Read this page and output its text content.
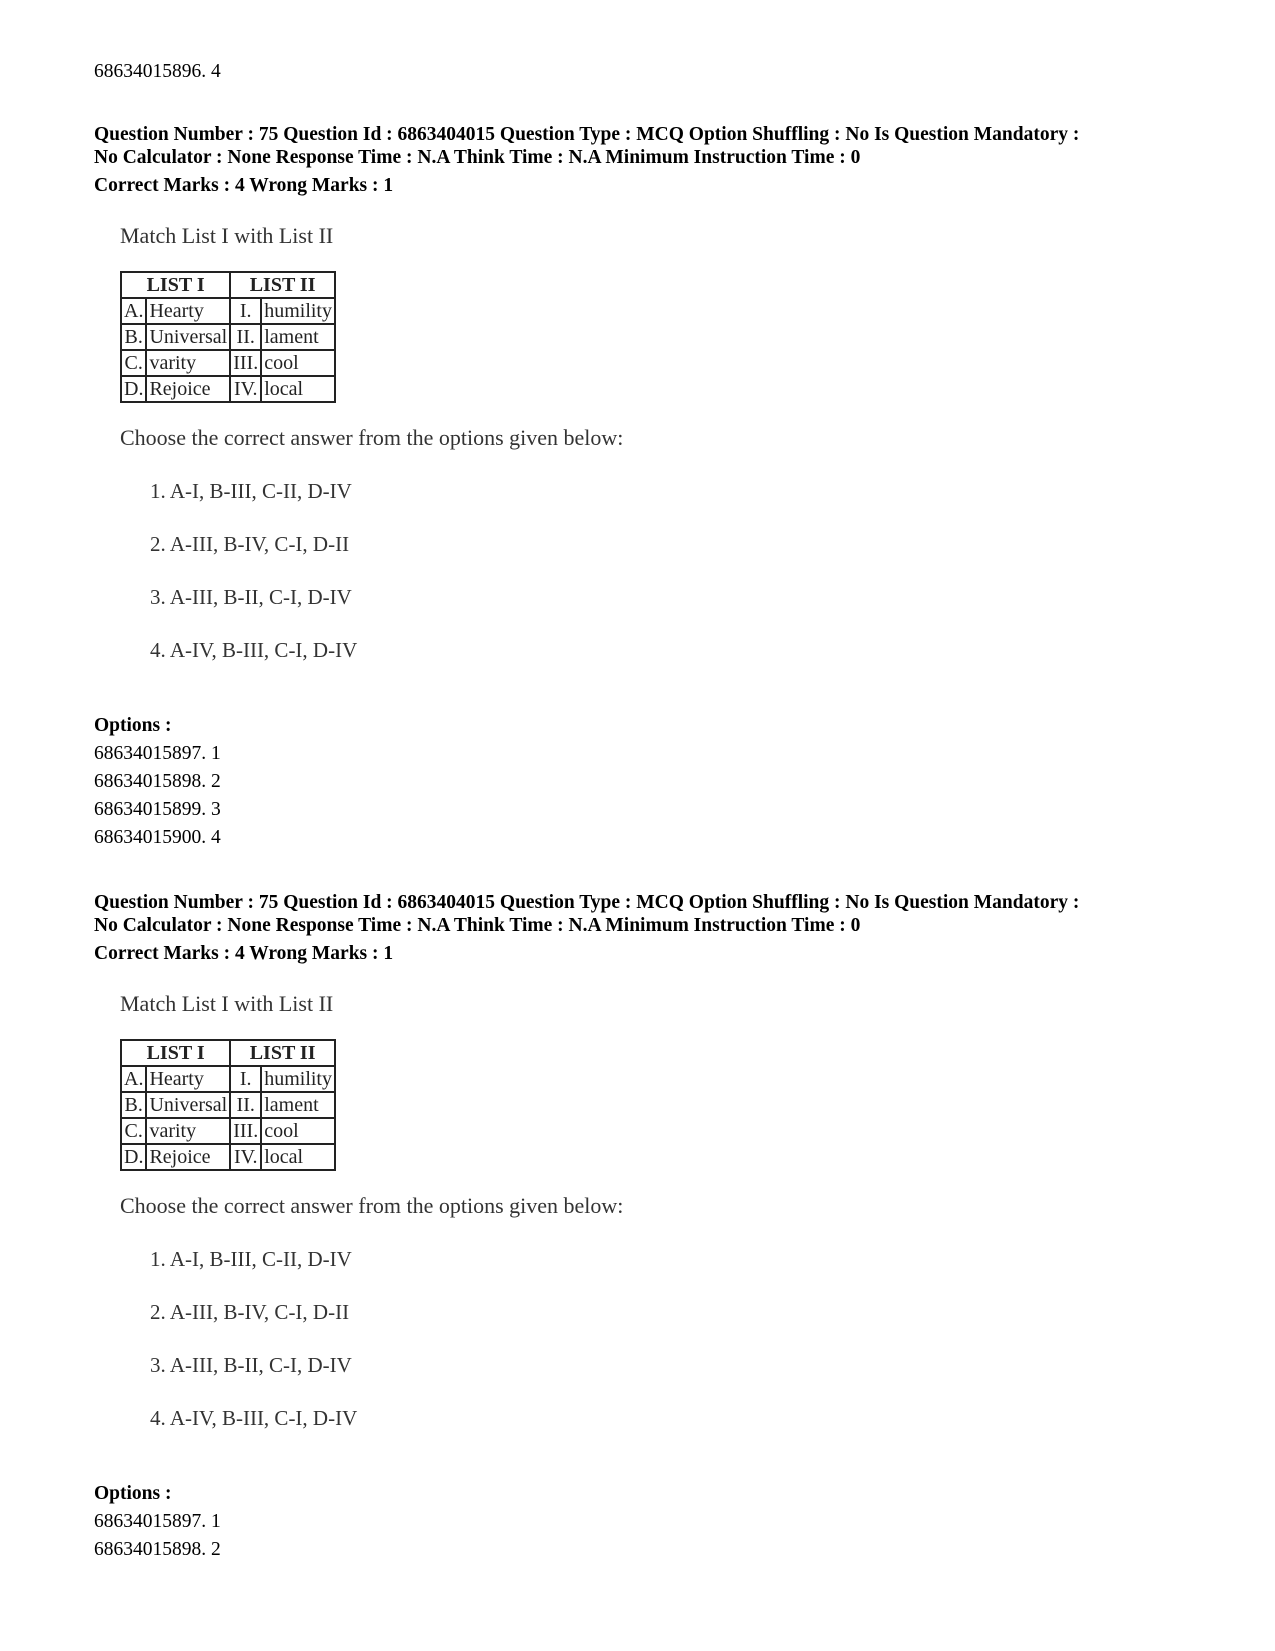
68634015896. 4
Question Number : 75 Question Id : 6863404015 Question Type : MCQ Option Shuffling : No Is Question Mandatory :
No Calculator : None Response Time : N.A Think Time : N.A Minimum Instruction Time : 0
Correct Marks : 4 Wrong Marks : 1
Match List I with List II
LIST I		LIST II	
A.	Hearty	I.	humility
B.	Universal	II.	lament
C.	varity	III.	cool
D.	Rejoice	IV.	local
Choose the correct answer from the options given below:
1. A-I, B-III, C-II, D-IV
2. A-III, B-IV, C-I, D-II
3. A-III, B-II, C-I, D-IV
4. A-IV, B-III, C-I, D-IV
Options :
68634015897. 1
68634015898. 2
68634015899. 3
68634015900. 4
Question Number : 75 Question Id : 6863404015 Question Type : MCQ Option Shuffling : No Is Question Mandatory :
No Calculator : None Response Time : N.A Think Time : N.A Minimum Instruction Time : 0
Correct Marks : 4 Wrong Marks : 1
Match List I with List II
LIST I		LIST II	
A.	Hearty	I.	humility
B.	Universal	II.	lament
C.	varity	III.	cool
D.	Rejoice	IV.	local
Choose the correct answer from the options given below:
1. A-I, B-III, C-II, D-IV
2. A-III, B-IV, C-I, D-II
3. A-III, B-II, C-I, D-IV
4. A-IV, B-III, C-I, D-IV
Options :
68634015897. 1
68634015898. 2
